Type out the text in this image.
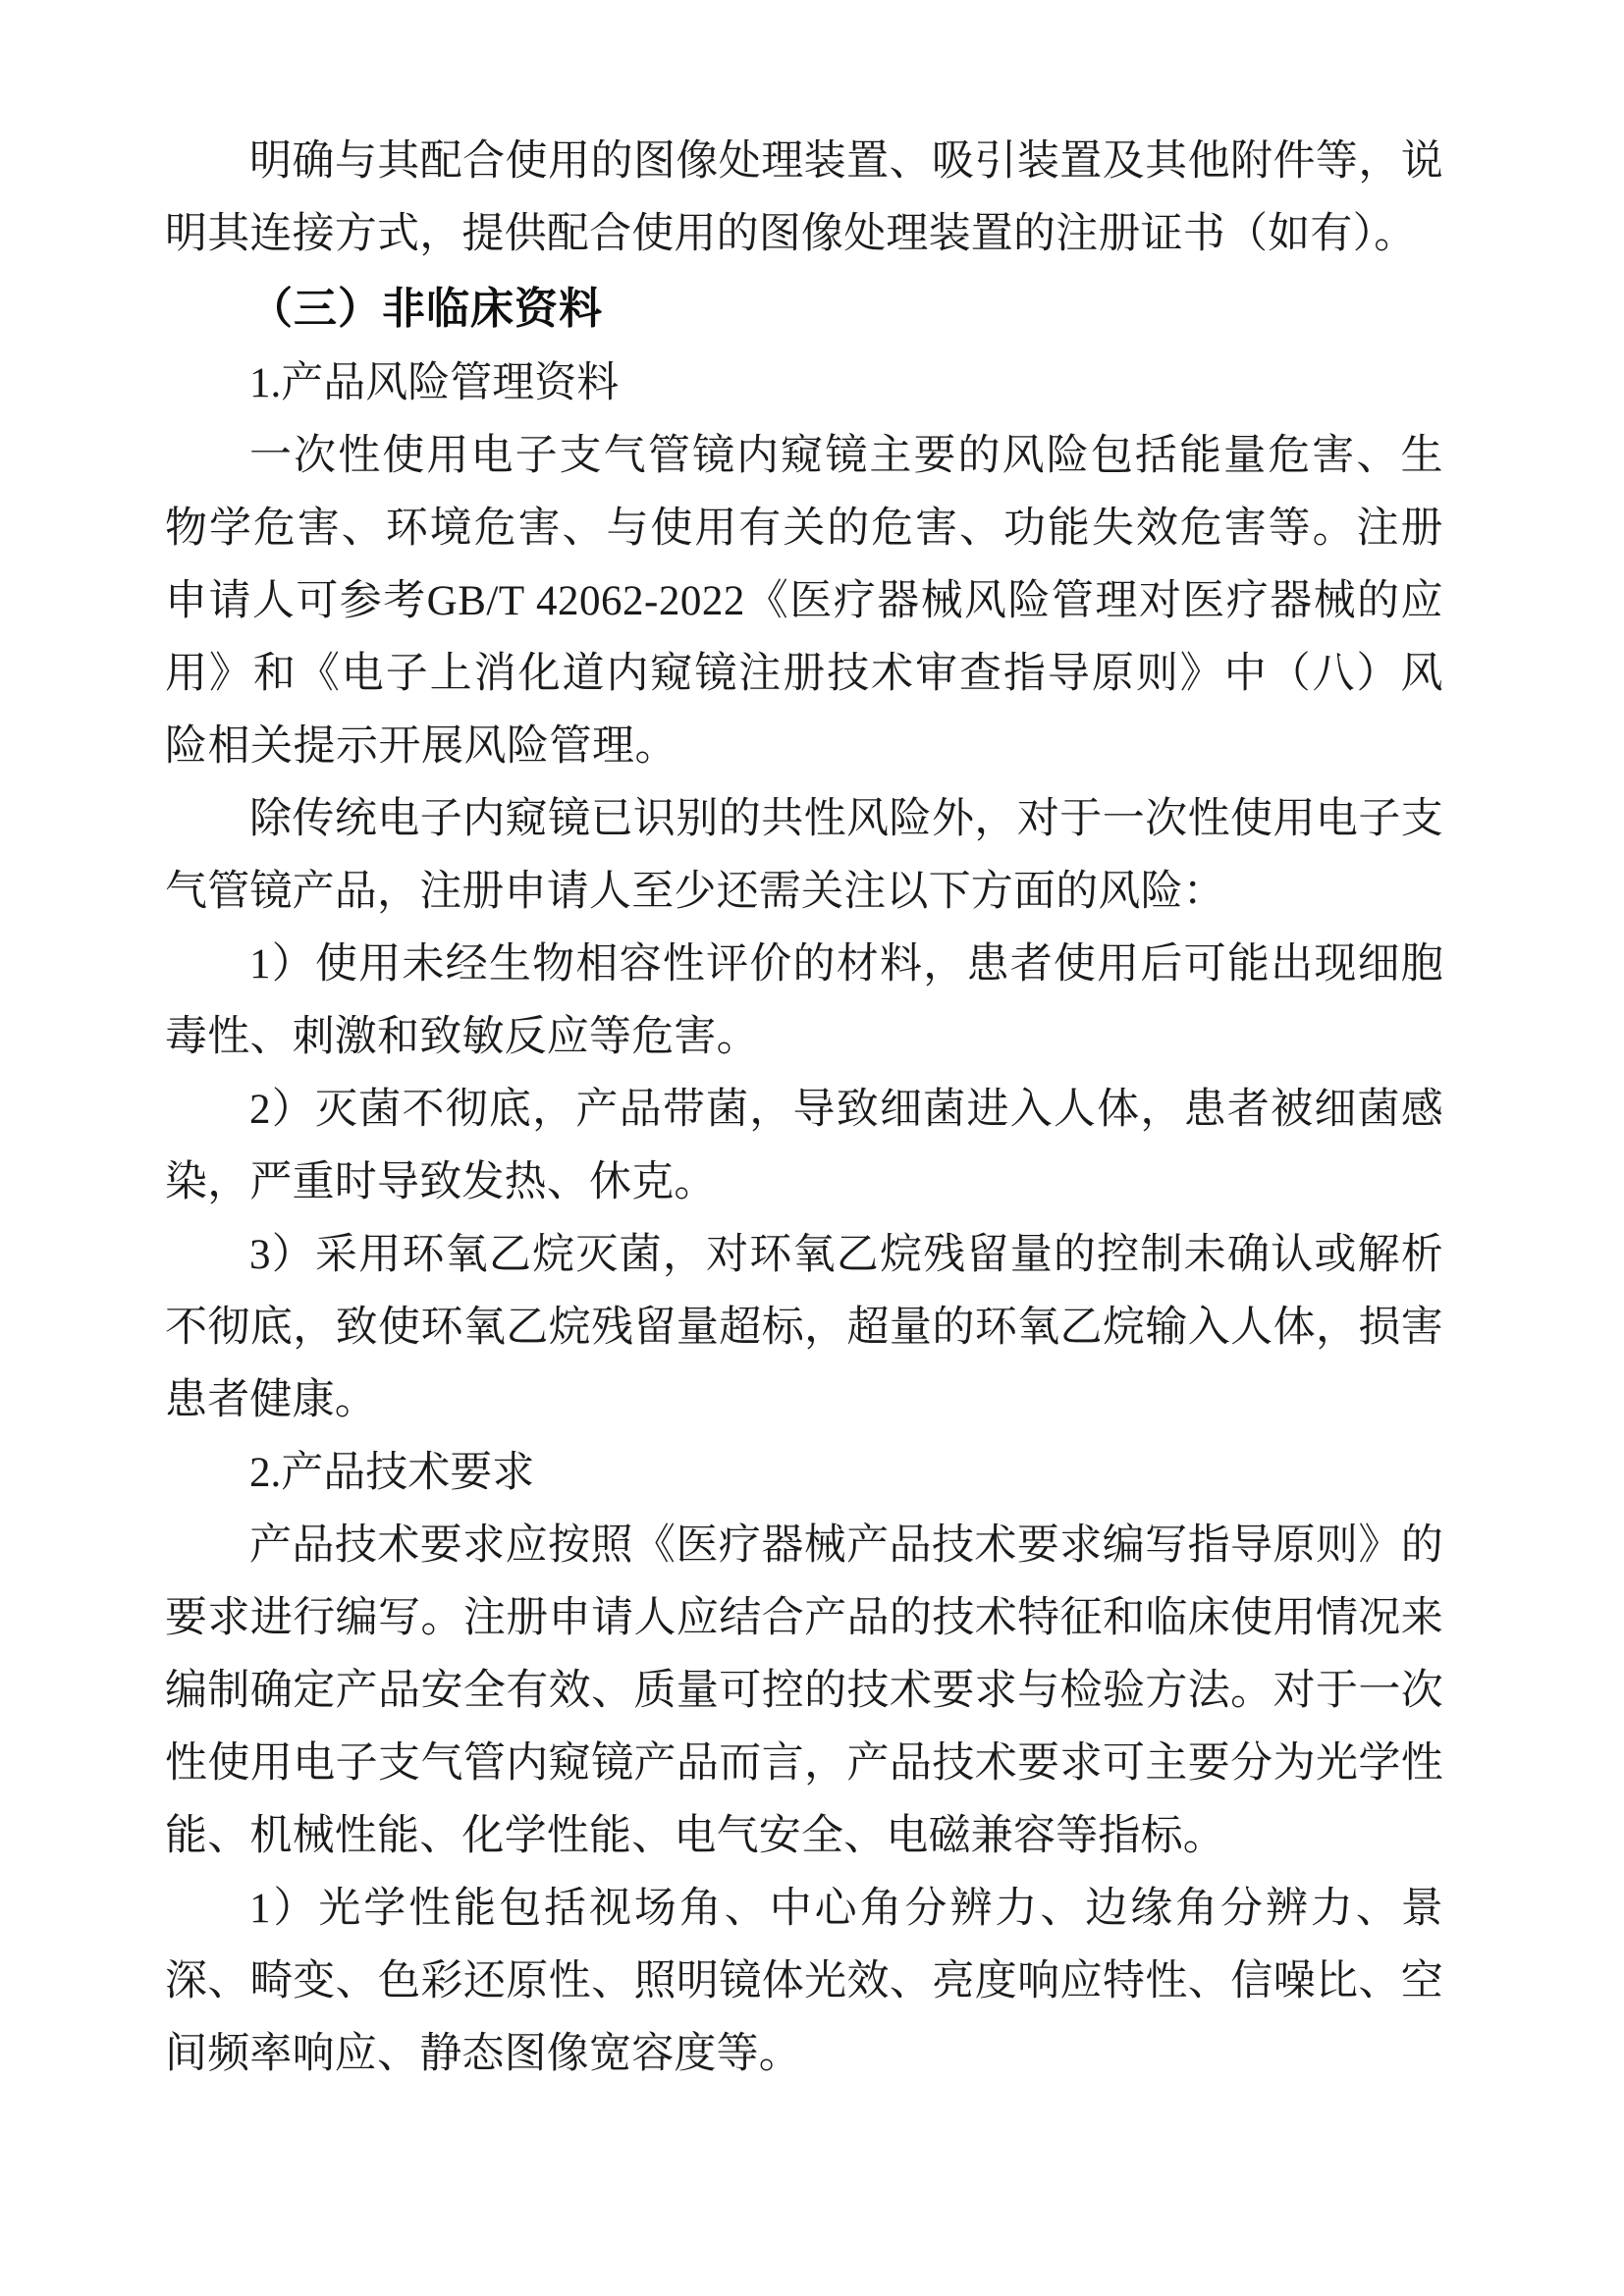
明确与其配合使用的图像处理装置、吸引装置及其他附件等，说明其连接方式，提供配合使用的图像处理装置的注册证书（如有）。

（三）非临床资料

1.产品风险管理资料

一次性使用电子支气管镜内窥镜主要的风险包括能量危害、生物学危害、环境危害、与使用有关的危害、功能失效危害等。注册申请人可参考GB/T 42062-2022《医疗器械风险管理对医疗器械的应用》和《电子上消化道内窥镜注册技术审查指导原则》中（八）风险相关提示开展风险管理。

除传统电子内窥镜已识别的共性风险外，对于一次性使用电子支气管镜产品，注册申请人至少还需关注以下方面的风险：

1）使用未经生物相容性评价的材料，患者使用后可能出现细胞毒性、刺激和致敏反应等危害。

2）灭菌不彻底，产品带菌，导致细菌进入人体，患者被细菌感染，严重时导致发热、休克。

3）采用环氧乙烷灭菌，对环氧乙烷残留量的控制未确认或解析不彻底，致使环氧乙烷残留量超标，超量的环氧乙烷输入人体，损害患者健康。

2.产品技术要求

产品技术要求应按照《医疗器械产品技术要求编写指导原则》的要求进行编写。注册申请人应结合产品的技术特征和临床使用情况来编制确定产品安全有效、质量可控的技术要求与检验方法。对于一次性使用电子支气管内窥镜产品而言，产品技术要求可主要分为光学性能、机械性能、化学性能、电气安全、电磁兼容等指标。

1）光学性能包括视场角、中心角分辨力、边缘角分辨力、景深、畸变、色彩还原性、照明镜体光效、亮度响应特性、信噪比、空间频率响应、静态图像宽容度等。
